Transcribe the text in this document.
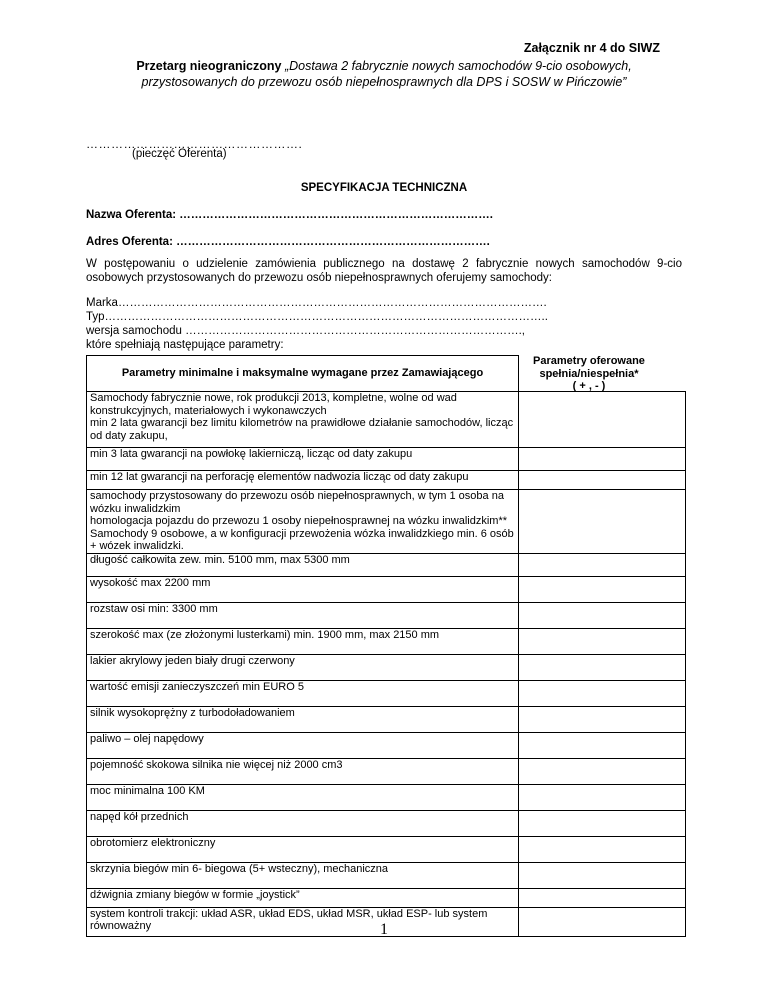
Załącznik nr 4 do SIWZ
Przetarg nieograniczony „Dostawa 2 fabrycznie nowych samochodów 9-cio osobowych,
przystosowanych do przewozu osób niepełnosprawnych dla DPS i SOSW w Pińczowie”
…………………………………………….
(pieczęć Oferenta)
SPECYFIKACJA TECHNICZNA
Nazwa Oferenta: ……………………………………………………………………….
Adres Oferenta: ……………………………………………………………………….
W postępowaniu o udzielenie zamówienia publicznego na dostawę 2 fabrycznie nowych samochodów 9-cio osobowych przystosowanych do przewozu osób niepełnosprawnych oferujemy samochody:
Marka………………………………………………………………………………………………….
Typ……………………………………………………………………………………………………..
wersja samochodu …………………………………………………………………………….,
które spełniają następujące parametry:
Parametry oferowane
spełnia/niespełnia*
( + , - )
Parametry minimalne i maksymalne wymagane przez Zamawiającego	
Samochody fabrycznie nowe, rok produkcji 2013, kompletne, wolne od wad konstrukcyjnych, materiałowych i wykonawczych
min 2 lata gwarancji bez limitu kilometrów na prawidłowe działanie samochodów, licząc od daty zakupu,	
min 3 lata gwarancji na powłokę lakierniczą, licząc od daty zakupu	
min 12 lat gwarancji na perforację elementów nadwozia licząc od daty zakupu	
samochody przystosowany do przewozu osób niepełnosprawnych, w tym 1 osoba na wózku inwalidzkim
homologacja pojazdu do przewozu 1 osoby niepełnosprawnej na wózku inwalidzkim**
Samochody 9 osobowe, a w konfiguracji przewożenia wózka inwalidzkiego min. 6 osób + wózek inwalidzki.	
długość całkowita zew. min. 5100 mm, max 5300 mm	
wysokość max 2200 mm	
rozstaw osi min: 3300 mm	
szerokość max (ze złożonymi lusterkami) min. 1900 mm, max 2150 mm	
lakier akrylowy jeden biały drugi czerwony	
wartość emisji zanieczyszczeń min EURO 5	
silnik wysokoprężny z turbodoładowaniem	
paliwo – olej napędowy	
pojemność skokowa silnika nie więcej niż 2000 cm3	
moc minimalna 100 KM	
napęd kół przednich	
obrotomierz elektroniczny	
skrzynia biegów min 6- biegowa (5+ wsteczny), mechaniczna	
dźwignia zmiany biegów w formie „joystick”	
system kontroli trakcji: układ ASR, układ EDS, układ MSR, układ ESP- lub system równoważny		1
